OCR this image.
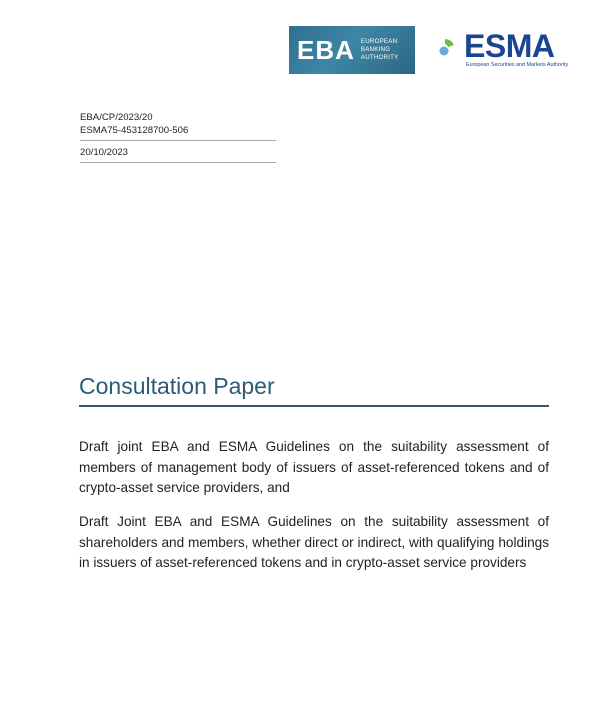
EBA EUROPEAN
BANKING
AUTHORITY ESMA
European Securities and Markets Authority
EBA/CP/2023/20
ESMA75-453128700-506
20/10/2023
Consultation Paper
Draft joint EBA and ESMA Guidelines on the suitability assessment of members of management body of issuers of asset-referenced tokens and of crypto-asset service providers, and
Draft Joint EBA and ESMA Guidelines on the suitability assessment of shareholders and members, whether direct or indirect, with qualifying holdings in issuers of asset-referenced tokens and in crypto-asset service providers
